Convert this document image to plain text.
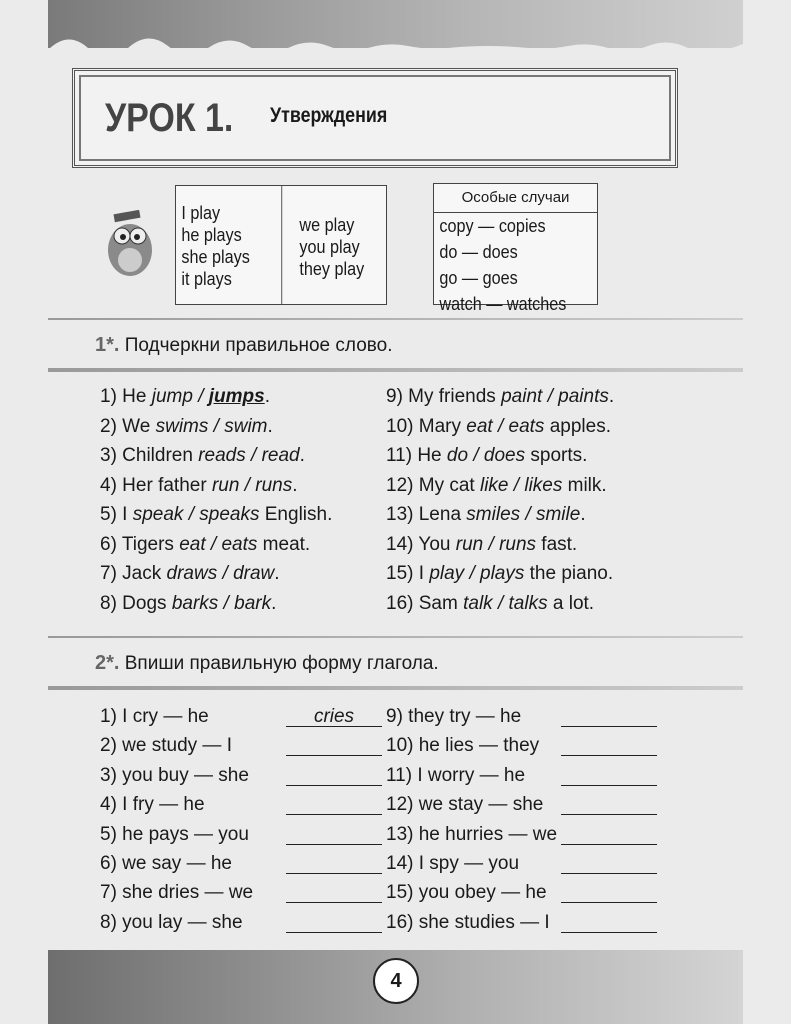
УРОК 1. Утверждения
I play
he plays
she plays
it plays
we play
you play
they play
Особые случаи
copy — copies
do — does
go — goes
watch — watches
1*. Подчеркни правильное слово.
1) He jump / jumps.
2) We swims / swim.
3) Children reads / read.
4) Her father run / runs.
5) I speak / speaks English.
6) Tigers eat / eats meat.
7) Jack draws / draw.
8) Dogs barks / bark.
9) My friends paint / paints.
10) Mary eat / eats apples.
11) He do / does sports.
12) My cat like / likes milk.
13) Lena smiles / smile.
14) You run / runs fast.
15) I play / plays the piano.
16) Sam talk / talks a lot.
2*. Впиши правильную форму глагола.
1) I cry — he	cries
2) we study — I
3) you buy — she
4) I fry — he
5) he pays — you
6) we say — he
7) she dries — we
8) you lay — she
9) they try — he
10) he lies — they
11) I worry — he
12) we stay — she
13) he hurries — we
14) I spy — you
15) you obey — he
16) she studies — I
4
